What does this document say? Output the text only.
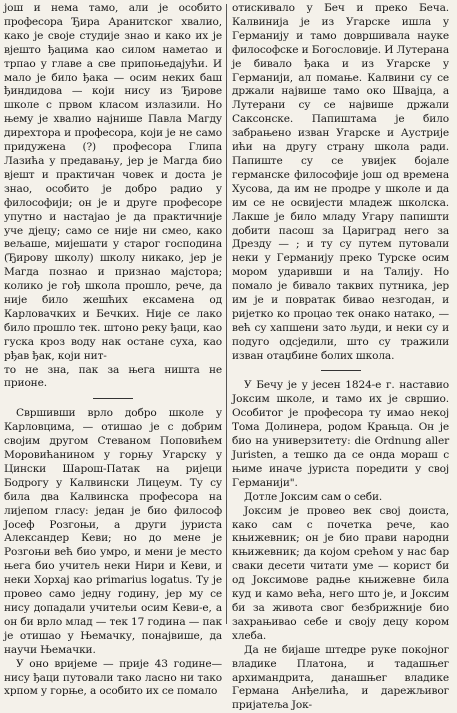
још и нема тамо, али је особито професора Ђира Аранитског хвалио, како је своје студије знао и како их је вјешто ђацима као силом наметао и трпао у главе а све припоњедајући. И мало је било ђака — осим неких баш ђиндидова — који нису из Ђирове школе с првом класом излазили. Но њему је хвалио најнише Павла Магду дирехтора и професора, који је не само придужена (?) професора Глипа Лазића у предавању, јер је Магда био вјешт и практичан човек и доста је знао, особито је добро радио у философији; он је и друге професоре упутно и настајао је да практичније уче дјецу; само се није ни смео, како вељаше, мијешати у старог господина (Ђирову школу) школу никако, јер је Магда познао и признао мајстора; колико је гођ школа прошло, рече, да није било жешћих ексамена од Карловачких и Бечких. Није се лако било прошло тек. штоно реку ђаци, као гуска кроз воду нак остане суха, као рђав ђак, који нит-

то не зна, пак за њега ништа не прионе.

Свршивши врло добро школе у Карловцима, — отишао је с добрим својим другом Стеваном Поповићем Моровићанином у горњу Угарску у Цински Шарош-Патак на ријеци Бодрогу у Калвински Лицеум. Ту су била два Калвинска професора на лијепом гласу: један је био философ Јосеф Розгоњи, а други јуриста Александер Кеви; но до мене је Розгоњи већ био умро, и мени је место њега био учитељ неки Нири и Кеви, и неки Хорхај као primarius logatus. Ту је провео само једну годину, јер му се нису допадали учитељи осим Кеви-е, а он би врло млад — тек 17 година — пак је отишао у Њемачку, понајвише, да научи Њемачки.

У оно вријеме — прије 43 године— нису ђаци путовали тако ласно ни тако хрпом у горње, а особито их се помало

отискивало у Беч и преко Беча. Калвинија је из Угарске ишла у Германију и тамо довршивала науке философске и Богословије. И Лутерана је бивало ђака и из Угарске у Германији, ал помање. Калвини су се држали највише тамо око Швајца, а Лутерани су се највише држали Саксонске. Папиштама је било забрањено изван Угарске и Аустрије ићи на другу страну школа ради. Папиште су се увијек бојале германске философије још од времена Хусова, да им не продре у школе и да им се не освијести младеж школска. Лакше је било младу Угару папишти добити пасош за Цариград него за Дрезду — ; и ту су путем путовали неки у Германију преко Турске осим мором ударивши и на Талију. Но помало је бивало таквих путника, јер им је и повратак бивао незгодан, и ријетко ко процао тек онако натако, — већ су хапшени зато људи, и неки су и подуго одсједили, што су тражили изван отаџбине болих школа.

У Бечу је у јесен 1824-е г. наставио Јоксим школе, и тамо их је свршио. Особитог је професора ту имао некој Тома Долинера, родом Крањца. Он је био на универзитету: die Ordnung aller Juristen, а тешко да се онда мораш с њиме иначе јуриста поредити у свој Германији".

Дотле Јоксим сам о себи.

Јоксим је провео век свој доиста, како сам с почетка рече, као књижевник; он је био прави народни књижевник; да којом срећом у нас бар сваки десети читати уме — корист би од Јоксимове радње књижевне била куд и камо већа, него што је, и Јоксим би за живота свог безбрижније био захрањивао себе и своју децу кором хлеба.

Да не бијаше штедре руке покојног владике Платона, и тадашњег архимандрита, данашњег владике Германа Анђелића, и дарежљивог пријатеља Јок-
